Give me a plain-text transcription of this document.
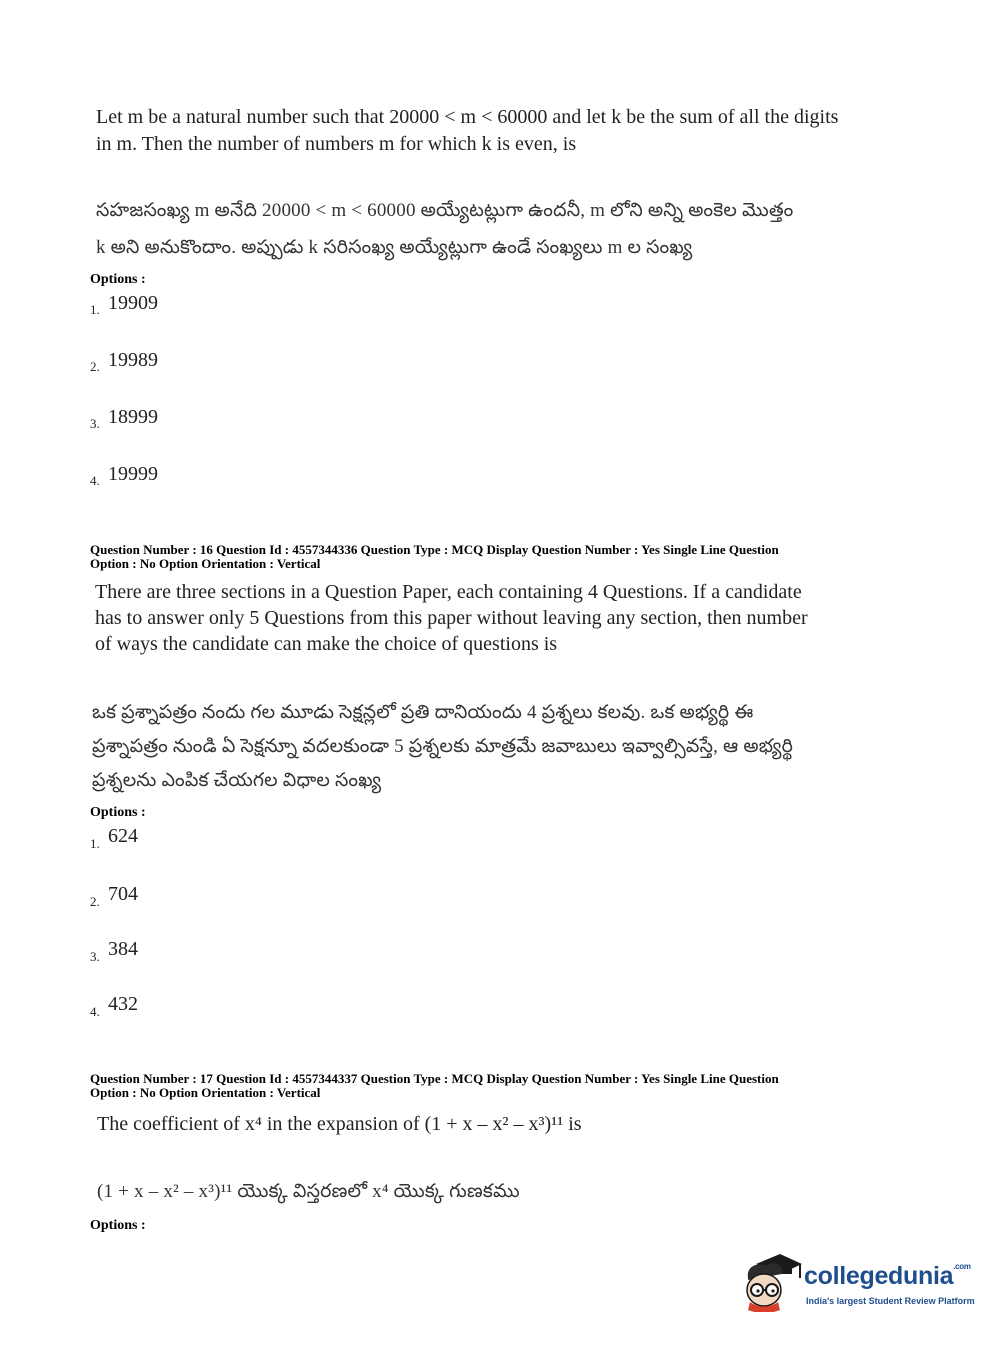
Let m be a natural number such that 20000 < m < 60000 and let k be the sum of all the digits
in m. Then the number of numbers m for which k is even, is
సహజసంఖ్య m అనేది 20000 < m < 60000 అయ్యేటట్లుగా ఉందనీ, m లోని అన్ని అంకెల మొత్తం
k అని అనుకొందాం. అప్పుడు k సరిసంఖ్య అయ్యేట్లుగా ఉండే సంఖ్యలు m ల సంఖ్య
Options :
1. 19909
2. 19989
3. 18999
4. 19999
Question Number : 16 Question Id : 4557344336 Question Type : MCQ Display Question Number : Yes Single Line Question
Option : No Option Orientation : Vertical
There are three sections in a Question Paper, each containing 4 Questions. If a candidate
has to answer only 5 Questions from this paper without leaving any section, then number
of ways the candidate can make the choice of questions is
ఒక ప్రశ్నాపత్రం నందు గల మూడు సెక్షన్లలో ప్రతి దానియందు 4 ప్రశ్నలు కలవు. ఒక అభ్యర్థి ఈ
ప్రశ్నాపత్రం నుండి ఏ సెక్షన్నూ వదలకుండా 5 ప్రశ్నలకు మాత్రమే జవాబులు ఇవ్వాల్సివస్తే, ఆ అభ్యర్థి
ప్రశ్నలను ఎంపిక చేయగల విధాల సంఖ్య
Options :
1. 624
2. 704
3. 384
4. 432
Question Number : 17 Question Id : 4557344337 Question Type : MCQ Display Question Number : Yes Single Line Question
Option : No Option Orientation : Vertical
The coefficient of x⁴ in the expansion of (1 + x – x² – x³)¹¹ is
(1 + x – x² – x³)¹¹ యొక్క విస్తరణలో x⁴ యొక్క గుణకము
Options :
collegedunia$^{.com}$
India's largest Student Review Platform
